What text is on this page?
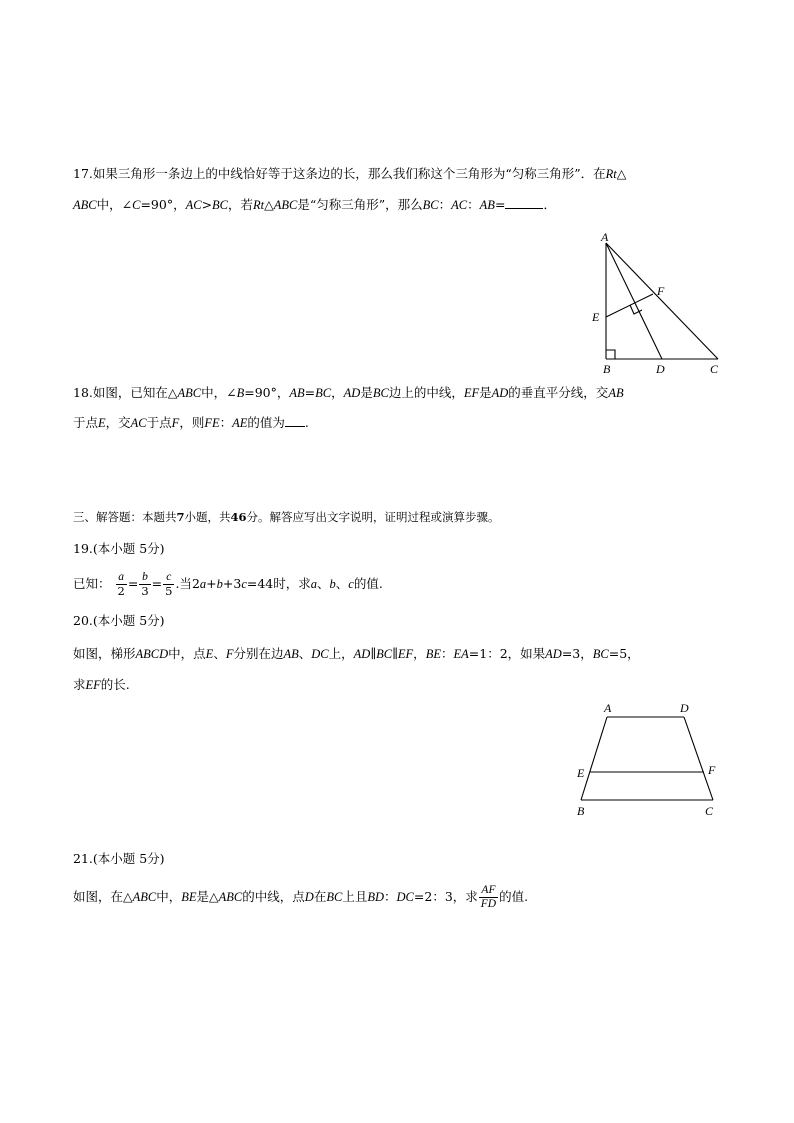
17.如果三角形一条边上的中线恰好等于这条边的长，那么我们称这个三角形为“匀称三角形”．在Rt△
ABC中，∠C=90°，AC>BC，若Rt△ABC是“匀称三角形”，那么BC：AC：AB=	．
A
B	C
D
E
F
18.如图，已知在△ABC中，∠B=90°，AB=BC，AD是BC边上的中线，EF是AD的垂直平分线，交AB
于点E，交AC于点F，则FE：AE的值为 .
三、解答题：本题共7小题，共46分。解答应写出文字说明，证明过程或演算步骤。
19.(本小题 5分)
已知： $\frac{a}{2} = \frac{b}{3} = \frac{c}{5}$ .当2a+b+3c=44时，求a、b、c的值.
20.(本小题 5分)
如图，梯形ABCD中，点E、F分别在边AB、DC上，AD∥BC∥EF，BE：EA=1：2，如果AD=3，BC=5，
求EF的长.
A	D
E	F
B	C
21.(本小题 5分)
如图，在△ABC中，BE是△ABC的中线，点D在BC上且BD：DC=2：3，求 $\frac{AF}{FD}$ 的值.
